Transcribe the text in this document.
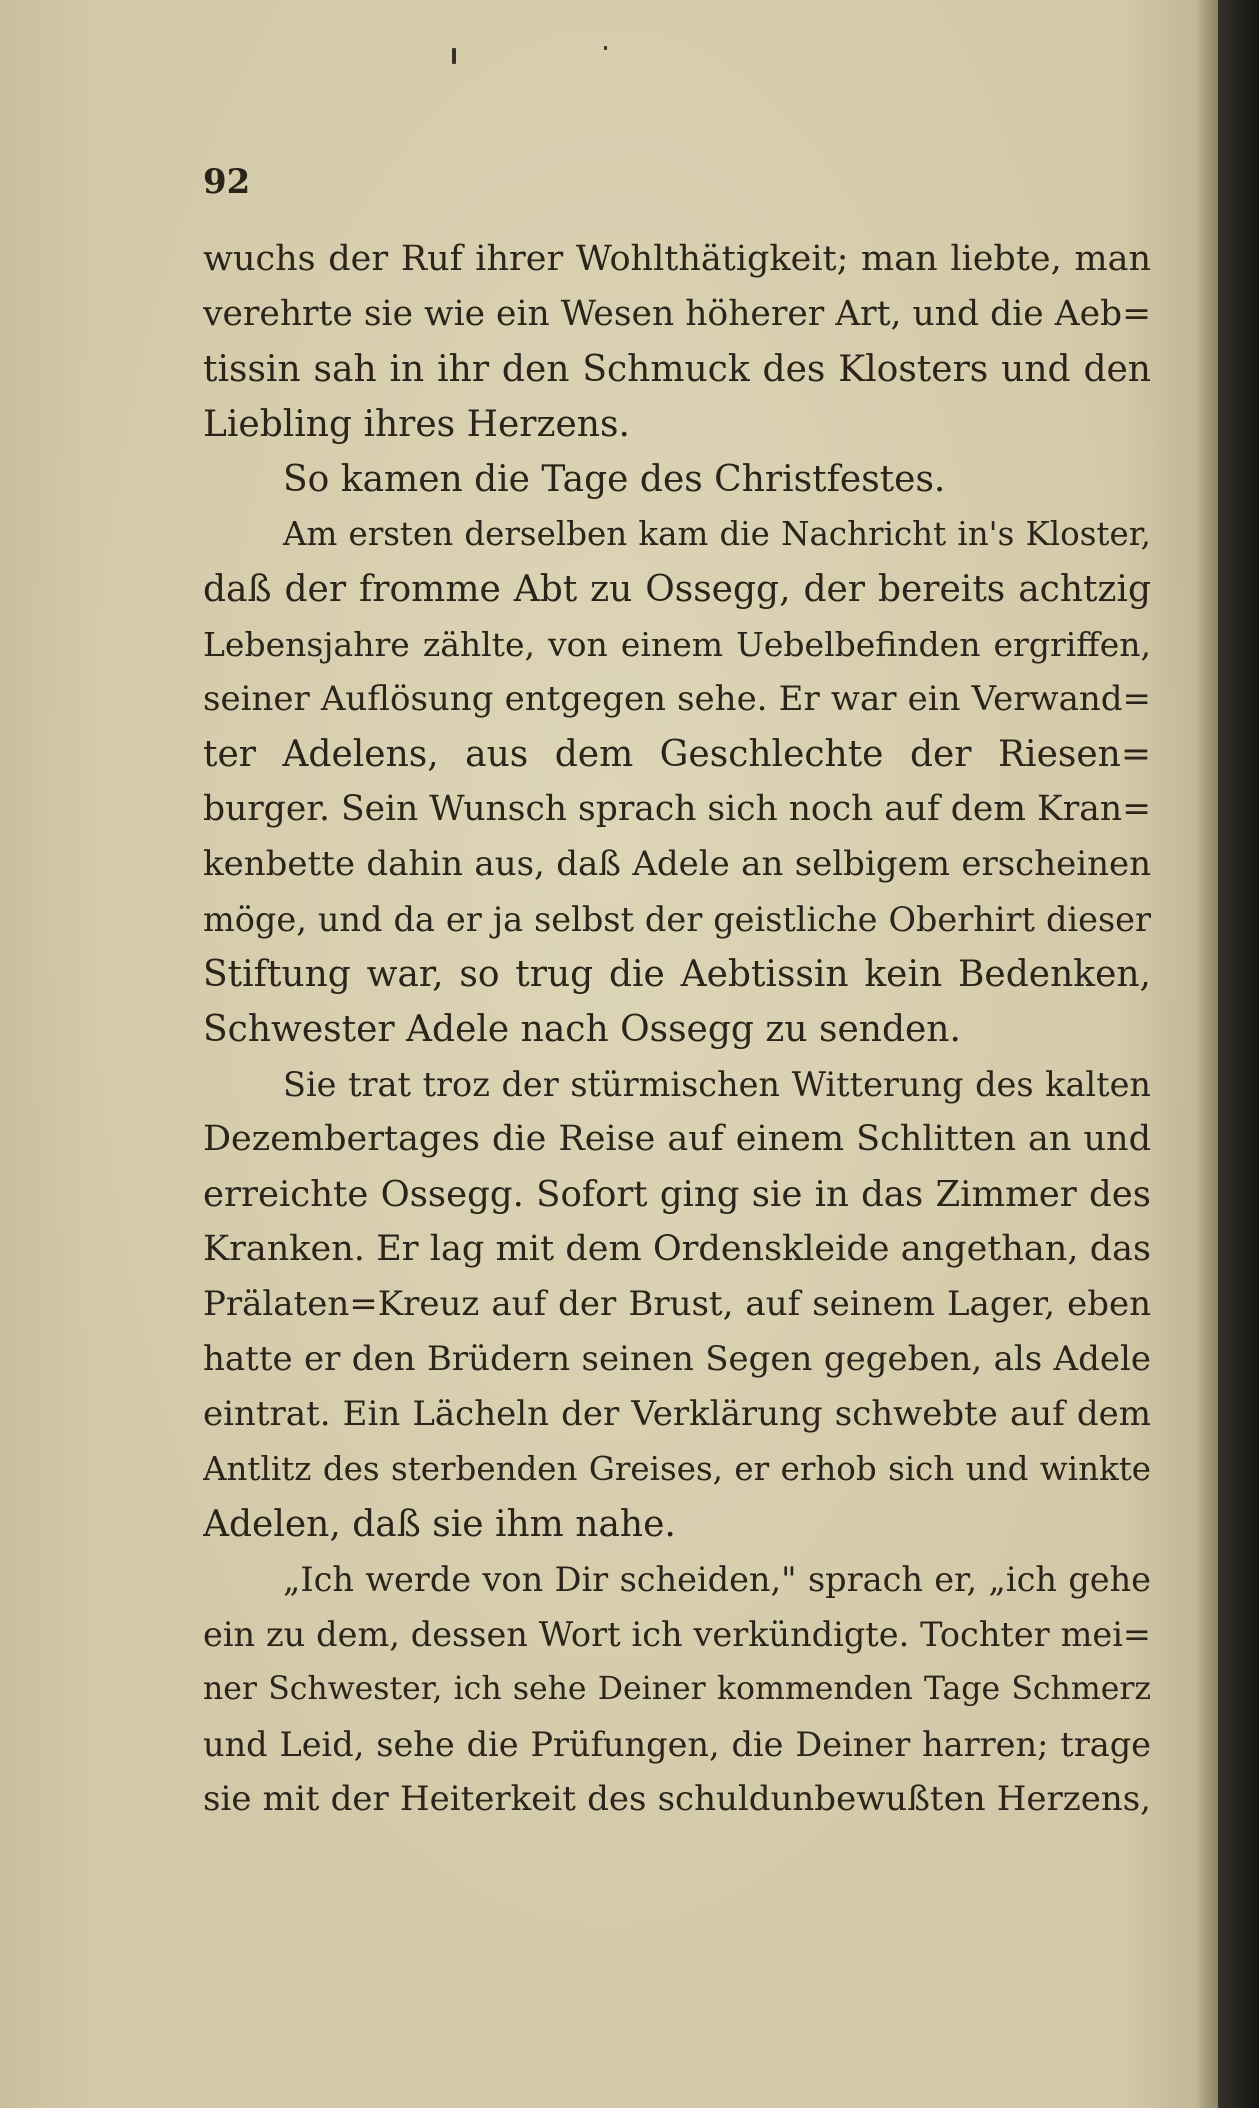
92

wuchs der Ruf ihrer Wohlthätigkeit; man liebte, man
verehrte sie wie ein Wesen höherer Art, und die Aeb=
tissin sah in ihr den Schmuck des Klosters und den
Liebling ihres Herzens.
So kamen die Tage des Christfestes.
Am ersten derselben kam die Nachricht in's Kloster,
daß der fromme Abt zu Ossegg, der bereits achtzig
Lebensjahre zählte, von einem Uebelbefinden ergriffen,
seiner Auflösung entgegen sehe. Er war ein Verwand=
ter Adelens, aus dem Geschlechte der Riesen=
burger. Sein Wunsch sprach sich noch auf dem Kran=
kenbette dahin aus, daß Adele an selbigem erscheinen
möge, und da er ja selbst der geistliche Oberhirt dieser
Stiftung war, so trug die Aebtissin kein Bedenken,
Schwester Adele nach Ossegg zu senden.
Sie trat troz der stürmischen Witterung des kalten
Dezembertages die Reise auf einem Schlitten an und
erreichte Ossegg. Sofort ging sie in das Zimmer des
Kranken. Er lag mit dem Ordenskleide angethan, das
Prälaten=Kreuz auf der Brust, auf seinem Lager, eben
hatte er den Brüdern seinen Segen gegeben, als Adele
eintrat. Ein Lächeln der Verklärung schwebte auf dem
Antlitz des sterbenden Greises, er erhob sich und winkte
Adelen, daß sie ihm nahe.
„Ich werde von Dir scheiden," sprach er, „ich gehe
ein zu dem, dessen Wort ich verkündigte. Tochter mei=
ner Schwester, ich sehe Deiner kommenden Tage Schmerz
und Leid, sehe die Prüfungen, die Deiner harren; trage
sie mit der Heiterkeit des schuldunbewußten Herzens,
